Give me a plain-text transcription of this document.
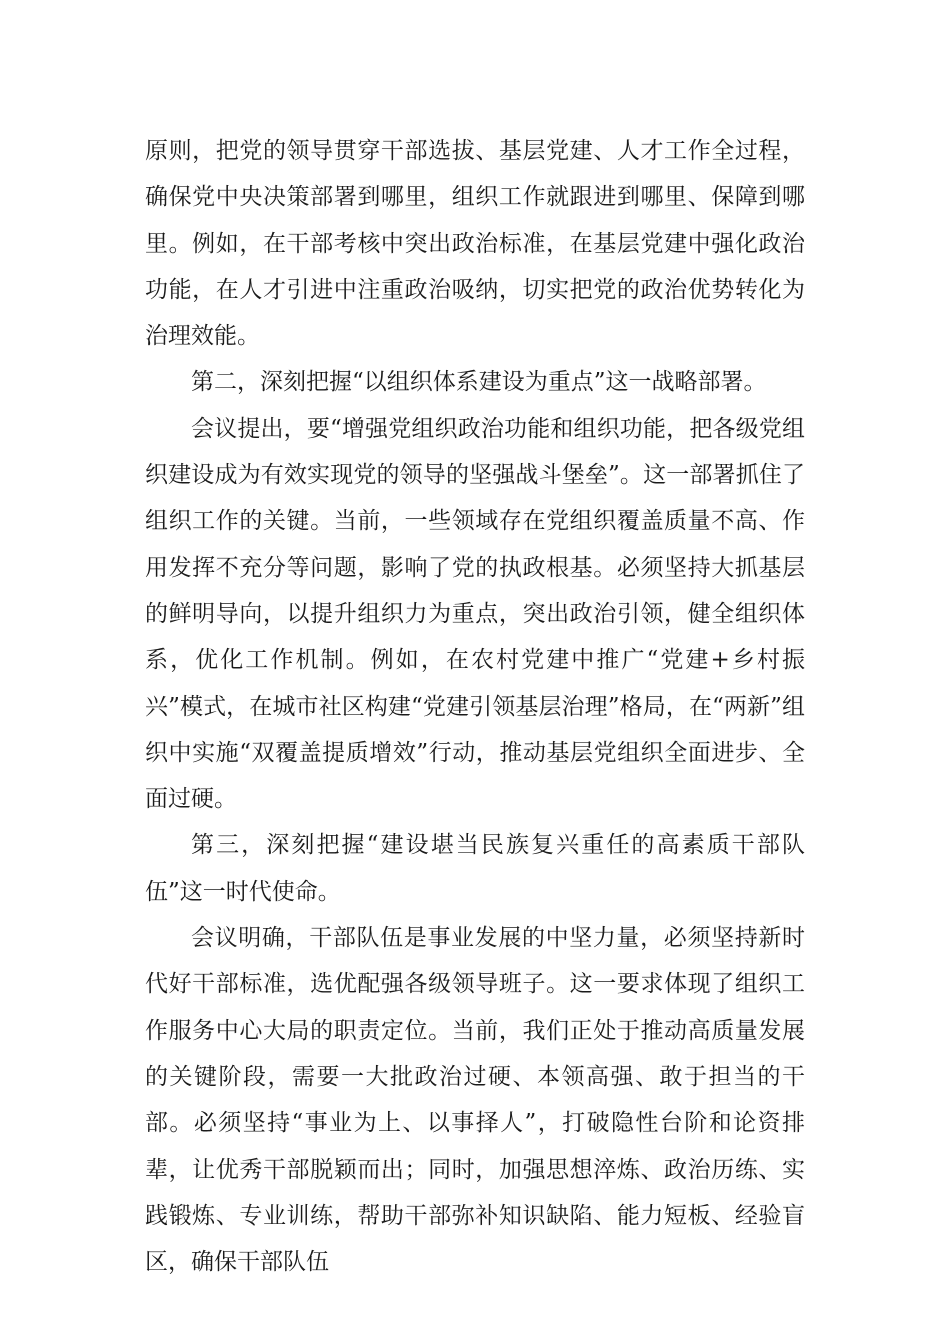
原则，把党的领导贯穿干部选拔、基层党建、人才工作全过程，确保党中央决策部署到哪里，组织工作就跟进到哪里、保障到哪里。例如，在干部考核中突出政治标准，在基层党建中强化政治功能，在人才引进中注重政治吸纳，切实把党的政治优势转化为治理效能。

第二，深刻把握“以组织体系建设为重点”这一战略部署。

会议提出，要“增强党组织政治功能和组织功能，把各级党组织建设成为有效实现党的领导的坚强战斗堡垒”。这一部署抓住了组织工作的关键。当前，一些领域存在党组织覆盖质量不高、作用发挥不充分等问题，影响了党的执政根基。必须坚持大抓基层的鲜明导向，以提升组织力为重点，突出政治引领，健全组织体系，优化工作机制。例如，在农村党建中推广“党建+乡村振兴”模式，在城市社区构建“党建引领基层治理”格局，在“两新”组织中实施“双覆盖提质增效”行动，推动基层党组织全面进步、全面过硬。

第三，深刻把握“建设堪当民族复兴重任的高素质干部队伍”这一时代使命。

会议明确，干部队伍是事业发展的中坚力量，必须坚持新时代好干部标准，选优配强各级领导班子。这一要求体现了组织工作服务中心大局的职责定位。当前，我们正处于推动高质量发展的关键阶段，需要一大批政治过硬、本领高强、敢于担当的干部。必须坚持“事业为上、以事择人”，打破隐性台阶和论资排辈，让优秀干部脱颖而出；同时，加强思想淬炼、政治历练、实践锻炼、专业训练，帮助干部弥补知识缺陷、能力短板、经验盲区，确保干部队伍
